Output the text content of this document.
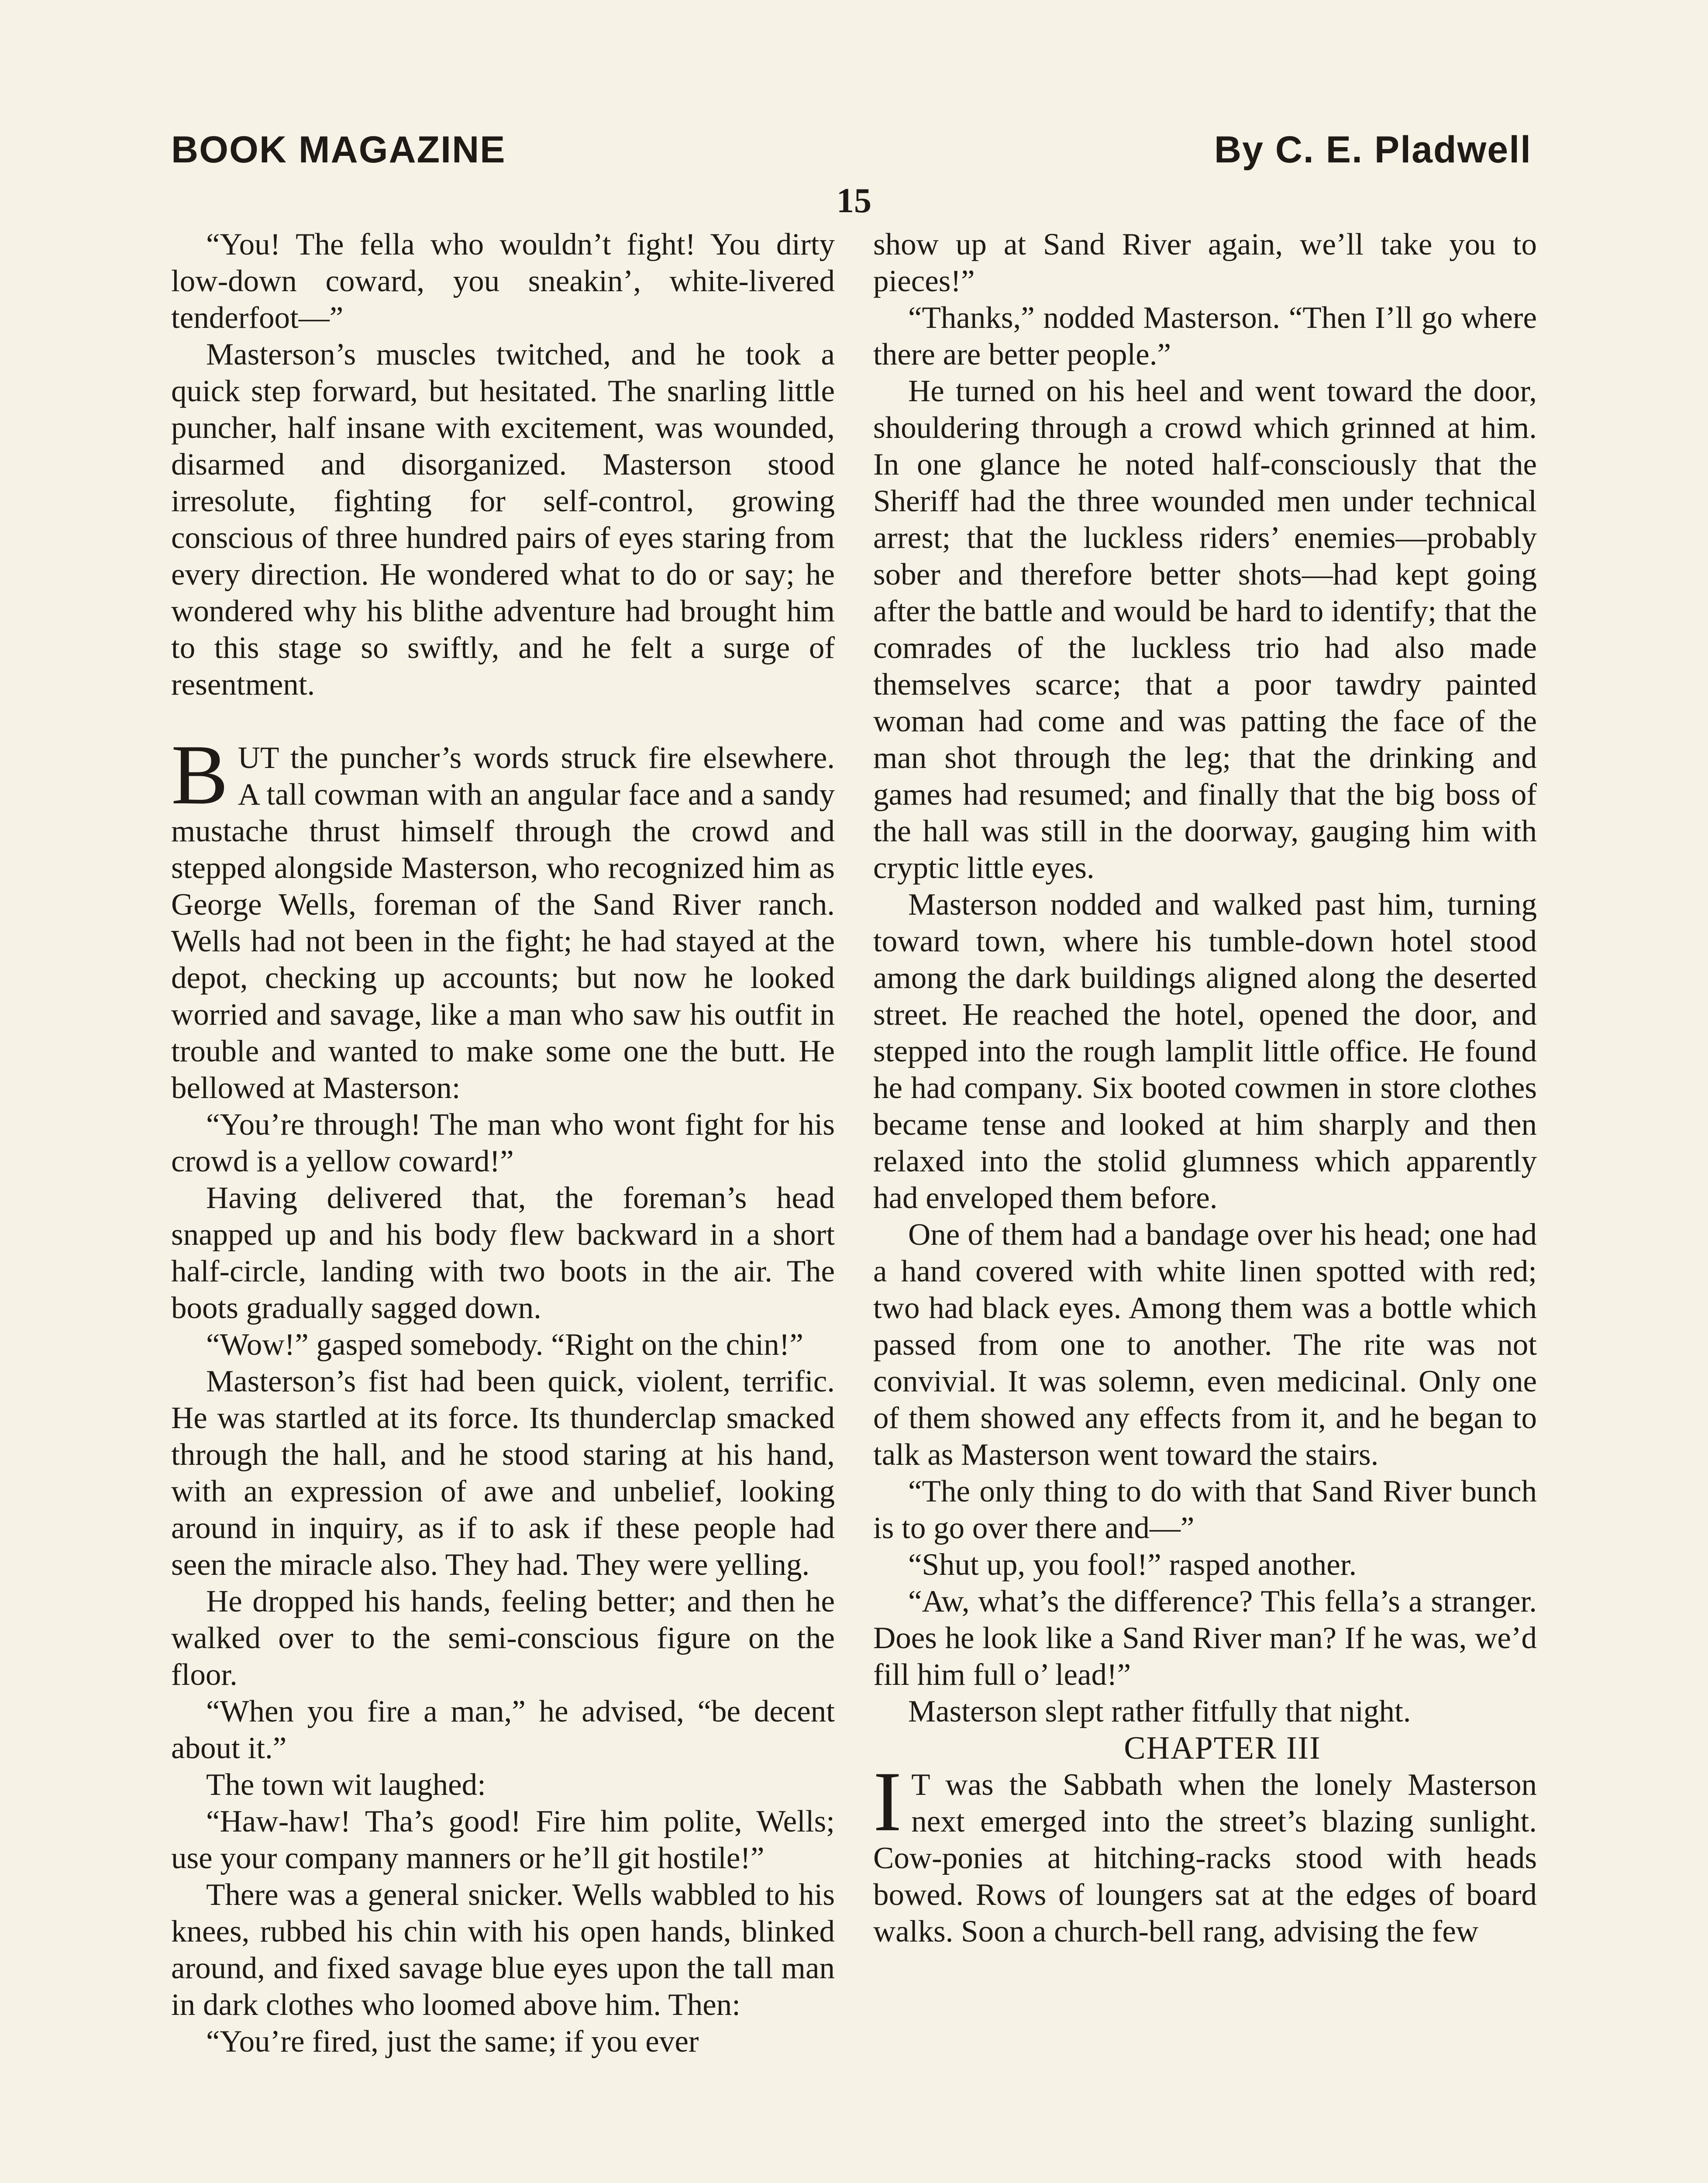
BOOK MAGAZINE	By C. E. Pladwell
15

“You! The fella who wouldn’t fight! You dirty low-down coward, you sneakin’, white-livered tenderfoot—”

Masterson’s muscles twitched, and he took a quick step forward, but hesitated. The snarling little puncher, half insane with excitement, was wounded, disarmed and disorganized. Masterson stood irresolute, fighting for self-control, growing conscious of three hundred pairs of eyes staring from every direction. He wondered what to do or say; he wondered why his blithe adventure had brought him to this stage so swiftly, and he felt a surge of resentment.

BUT the puncher’s words struck fire elsewhere. A tall cowman with an angular face and a sandy mustache thrust himself through the crowd and stepped alongside Masterson, who recognized him as George Wells, foreman of the Sand River ranch. Wells had not been in the fight; he had stayed at the depot, checking up accounts; but now he looked worried and savage, like a man who saw his outfit in trouble and wanted to make some one the butt. He bellowed at Masterson:

“You’re through! The man who wont fight for his crowd is a yellow coward!”

Having delivered that, the foreman’s head snapped up and his body flew backward in a short half-circle, landing with two boots in the air. The boots gradually sagged down.

“Wow!” gasped somebody. “Right on the chin!”

Masterson’s fist had been quick, violent, terrific. He was startled at its force. Its thunderclap smacked through the hall, and he stood staring at his hand, with an expression of awe and unbelief, looking around in inquiry, as if to ask if these people had seen the miracle also. They had. They were yelling.

He dropped his hands, feeling better; and then he walked over to the semi-conscious figure on the floor.

“When you fire a man,” he advised, “be decent about it.”

The town wit laughed:

“Haw-haw! Tha’s good! Fire him polite, Wells; use your company manners or he’ll git hostile!”

There was a general snicker. Wells wabbled to his knees, rubbed his chin with his open hands, blinked around, and fixed savage blue eyes upon the tall man in dark clothes who loomed above him. Then:

“You’re fired, just the same; if you ever

show up at Sand River again, we’ll take you to pieces!”

“Thanks,” nodded Masterson. “Then I’ll go where there are better people.”

He turned on his heel and went toward the door, shouldering through a crowd which grinned at him. In one glance he noted half-consciously that the Sheriff had the three wounded men under technical arrest; that the luckless riders’ enemies—probably sober and therefore better shots—had kept going after the battle and would be hard to identify; that the comrades of the luckless trio had also made themselves scarce; that a poor tawdry painted woman had come and was patting the face of the man shot through the leg; that the drinking and games had resumed; and finally that the big boss of the hall was still in the doorway, gauging him with cryptic little eyes.

Masterson nodded and walked past him, turning toward town, where his tumble-down hotel stood among the dark buildings aligned along the deserted street. He reached the hotel, opened the door, and stepped into the rough lamplit little office. He found he had company. Six booted cowmen in store clothes became tense and looked at him sharply and then relaxed into the stolid glumness which apparently had enveloped them before.

One of them had a bandage over his head; one had a hand covered with white linen spotted with red; two had black eyes. Among them was a bottle which passed from one to another. The rite was not convivial. It was solemn, even medicinal. Only one of them showed any effects from it, and he began to talk as Masterson went toward the stairs.

“The only thing to do with that Sand River bunch is to go over there and—”

“Shut up, you fool!” rasped another.

“Aw, what’s the difference? This fella’s a stranger. Does he look like a Sand River man? If he was, we’d fill him full o’ lead!”

Masterson slept rather fitfully that night.

CHAPTER III

I T was the Sabbath when the lonely Masterson next emerged into the street’s blazing sunlight. Cow-ponies at hitching-racks stood with heads bowed. Rows of loungers sat at the edges of board walks. Soon a church-bell rang, advising the few
